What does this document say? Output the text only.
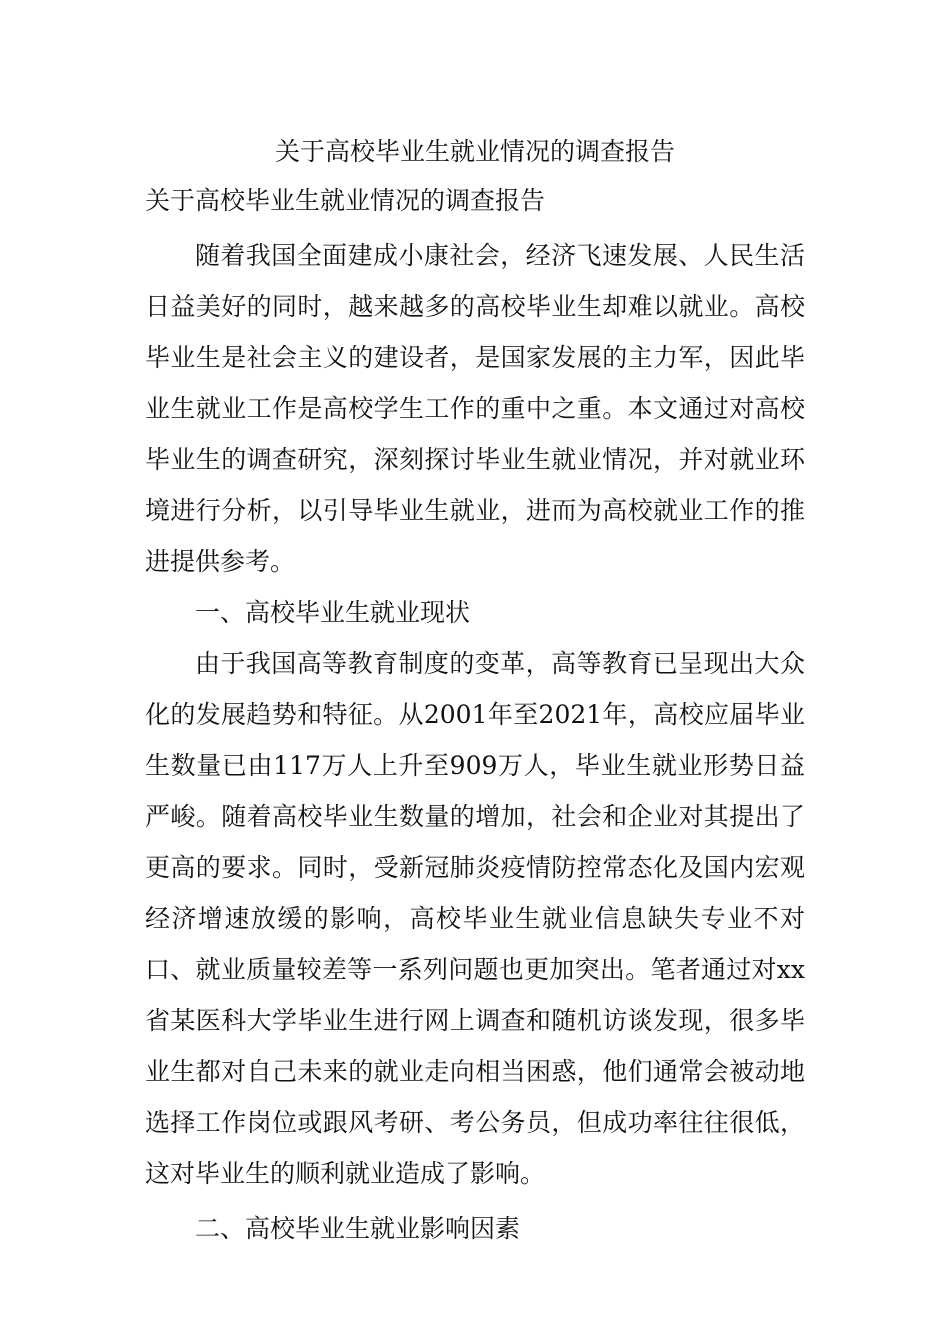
关于高校毕业生就业情况的调查报告

关于高校毕业生就业情况的调查报告

随着我国全面建成小康社会，经济飞速发展、人民生活日益美好的同时，越来越多的高校毕业生却难以就业。高校毕业生是社会主义的建设者，是国家发展的主力军，因此毕业生就业工作是高校学生工作的重中之重。本文通过对高校毕业生的调查研究，深刻探讨毕业生就业情况，并对就业环境进行分析，以引导毕业生就业，进而为高校就业工作的推进提供参考。

一、高校毕业生就业现状

由于我国高等教育制度的变革，高等教育已呈现出大众化的发展趋势和特征。从2001年至2021年，高校应届毕业生数量已由117万人上升至909万人，毕业生就业形势日益严峻。随着高校毕业生数量的增加，社会和企业对其提出了更高的要求。同时，受新冠肺炎疫情防控常态化及国内宏观经济增速放缓的影响，高校毕业生就业信息缺失专业不对口、就业质量较差等一系列问题也更加突出。笔者通过对xx省某医科大学毕业生进行网上调查和随机访谈发现，很多毕业生都对自己未来的就业走向相当困惑，他们通常会被动地选择工作岗位或跟风考研、考公务员，但成功率往往很低，这对毕业生的顺利就业造成了影响。

二、高校毕业生就业影响因素
